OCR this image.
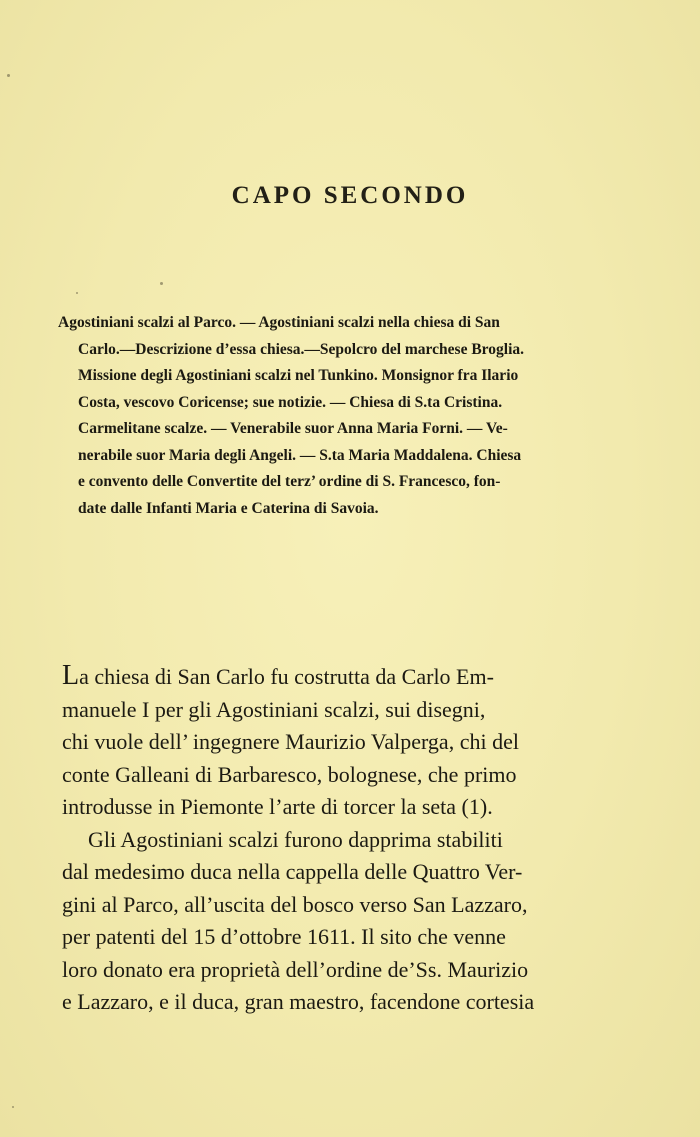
CAPO SECONDO
Agostiniani scalzi al Parco. — Agostiniani scalzi nella chiesa di San
Carlo.—Descrizione d’essa chiesa.—Sepolcro del marchese Broglia.
Missione degli Agostiniani scalzi nel Tunkino. Monsignor fra Ilario
Costa, vescovo Coricense; sue notizie. — Chiesa di S.ta Cristina.
Carmelitane scalze. — Venerabile suor Anna Maria Forni. — Ve-
nerabile suor Maria degli Angeli. — S.ta Maria Maddalena. Chiesa
e convento delle Convertite del terz’ ordine di S. Francesco, fon-
date dalle Infanti Maria e Caterina di Savoia.
La chiesa di San Carlo fu costrutta da Carlo Em-
manuele I per gli Agostiniani scalzi, sui disegni,
chi vuole dell’ ingegnere Maurizio Valperga, chi del
conte Galleani di Barbaresco, bolognese, che primo
introdusse in Piemonte l’arte di torcer la seta (1).
Gli Agostiniani scalzi furono dapprima stabiliti
dal medesimo duca nella cappella delle Quattro Ver-
gini al Parco, all’uscita del bosco verso San Lazzaro,
per patenti del 15 d’ottobre 1611. Il sito che venne
loro donato era proprietà dell’ordine de’Ss. Maurizio
e Lazzaro, e il duca, gran maestro, facendone cortesia
